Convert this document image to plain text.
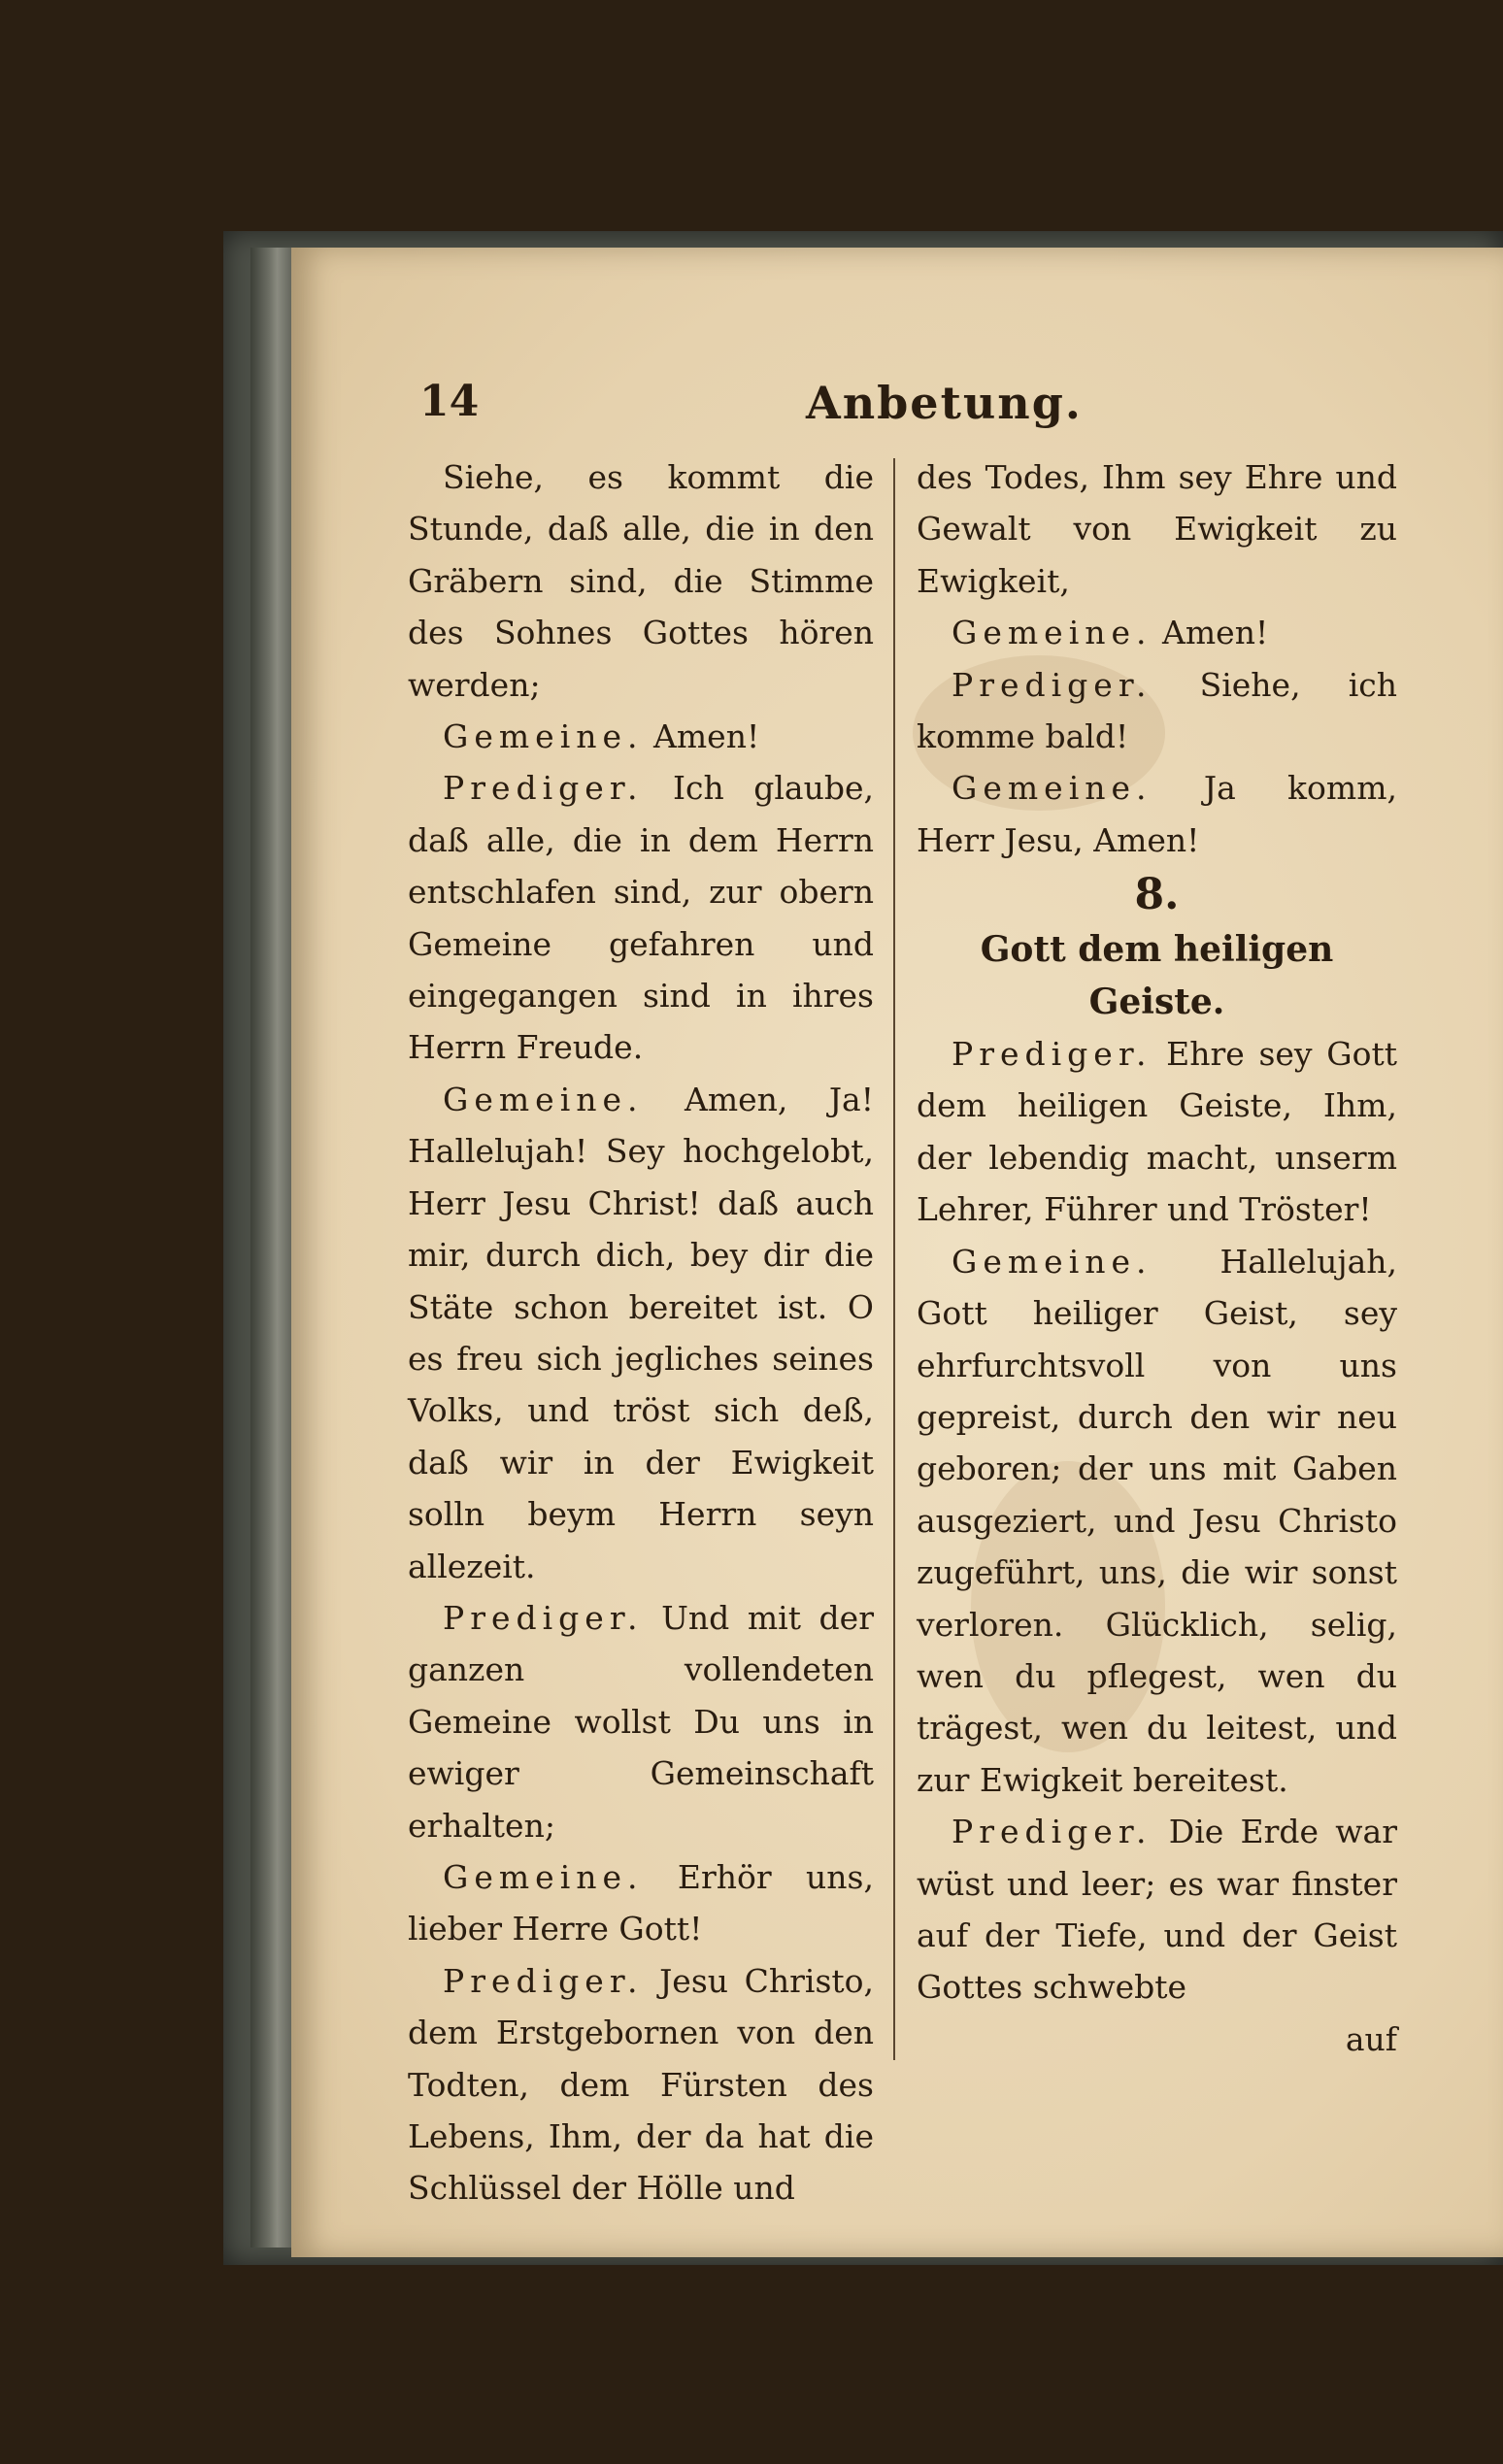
14	Anbetung.

Siehe, es kommt die Stunde, daß alle, die in den Gräbern sind, die Stimme des Sohnes Gottes hören werden;

Gemeine. Amen!

Prediger. Ich glaube, daß alle, die in dem Herrn entschlafen sind, zur obern Gemeine gefahren und eingegangen sind in ihres Herrn Freude.

Gemeine. Amen, Ja! Hallelujah! Sey hochgelobt, Herr Jesu Christ! daß auch mir, durch dich, bey dir die Stäte schon bereitet ist. O es freu sich jegliches seines Volks, und tröst sich deß, daß wir in der Ewigkeit solln beym Herrn seyn allezeit.

Prediger. Und mit der ganzen vollendeten Gemeine wollst Du uns in ewiger Gemeinschaft erhalten;

Gemeine. Erhör uns, lieber Herre Gott!

Prediger. Jesu Christo, dem Erstgebornen von den Todten, dem Fürsten des Lebens, Ihm, der da hat die Schlüssel der Hölle und

des Todes, Ihm sey Ehre und Gewalt von Ewigkeit zu Ewigkeit,

Gemeine. Amen!

Prediger. Siehe, ich komme bald!

Gemeine. Ja komm, Herr Jesu, Amen!

8.

Gott dem heiligen Geiste.

Prediger. Ehre sey Gott dem heiligen Geiste, Ihm, der lebendig macht, unserm Lehrer, Führer und Tröster!

Gemeine. Hallelujah, Gott heiliger Geist, sey ehrfurchtsvoll von uns gepreist, durch den wir neu geboren; der uns mit Gaben ausgeziert, und Jesu Christo zugeführt, uns, die wir sonst verloren. Glücklich, selig, wen du pflegest, wen du trägest, wen du leitest, und zur Ewigkeit bereitest.

Prediger. Die Erde war wüst und leer; es war finster auf der Tiefe, und der Geist Gottes schwebte

auf
